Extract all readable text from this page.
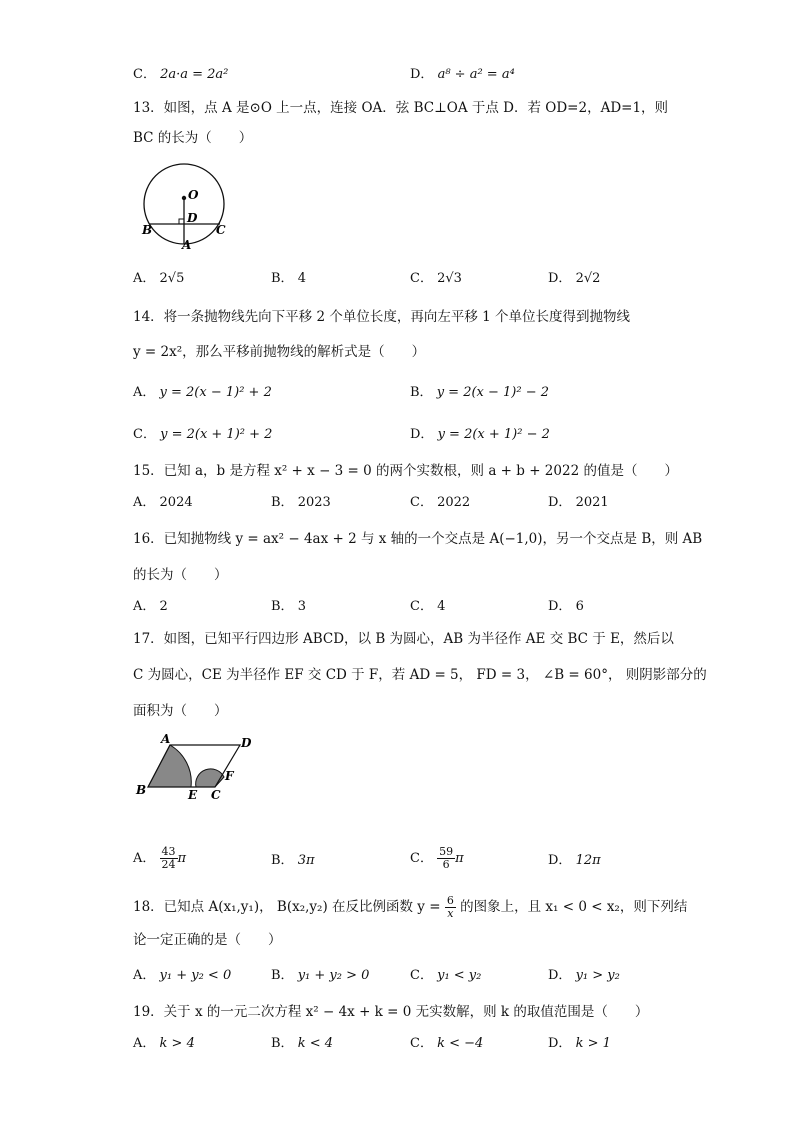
C． 2a·a = 2a²	D． a⁸ ÷ a² = a⁴
13．如图，点 A 是⊙O 上一点，连接 OA．弦 BC⊥OA 于点 D．若 OD=2，AD=1，则
BC 的长为（　　）
O
D
B	C
A
A． 2√5	B． 4	C． 2√3	D． 2√2
14．将一条抛物线先向下平移 2 个单位长度，再向左平移 1 个单位长度得到抛物线
y = 2x²，那么平移前抛物线的解析式是（　　）
A． y = 2(x − 1)² + 2	B． y = 2(x − 1)² − 2
C． y = 2(x + 1)² + 2	D． y = 2(x + 1)² − 2
15．已知 a，b 是方程 x² + x − 3 = 0 的两个实数根，则 a + b + 2022 的值是（　　）
A． 2024	B． 2023	C． 2022	D． 2021
16．已知抛物线 y = ax² − 4ax + 2 与 x 轴的一个交点是 A(−1,0)，另一个交点是 B，则 AB
的长为（　　）
A． 2	B． 3	C． 4	D． 6
17．如图，已知平行四边形 ABCD，以 B 为圆心，AB 为半径作 AE 交 BC 于 E，然后以
C 为圆心，CE 为半径作 EF 交 CD 于 F，若 AD = 5， FD = 3， ∠B = 60°， 则阴影部分的
面积为（　　）
A	D
B	E C
F
A． $\frac{43}{24}$ π	B． 3π	C． $\frac{59}{6}$ π	D． 12π
18．已知点 A(x₁,y₁)， B(x₂,y₂) 在反比例函数 $y = \frac{6}{x}$ 的图象上，且 x₁ < 0 < x₂，则下列结
论一定正确的是（　　）
A． y₁ + y₂ < 0	B． y₁ + y₂ > 0	C． y₁ < y₂	D． y₁ > y₂
19．关于 x 的一元二次方程 x² − 4x + k = 0 无实数解，则 k 的取值范围是（　　）
A． k > 4	B． k < 4	C． k < −4	D． k > 1
